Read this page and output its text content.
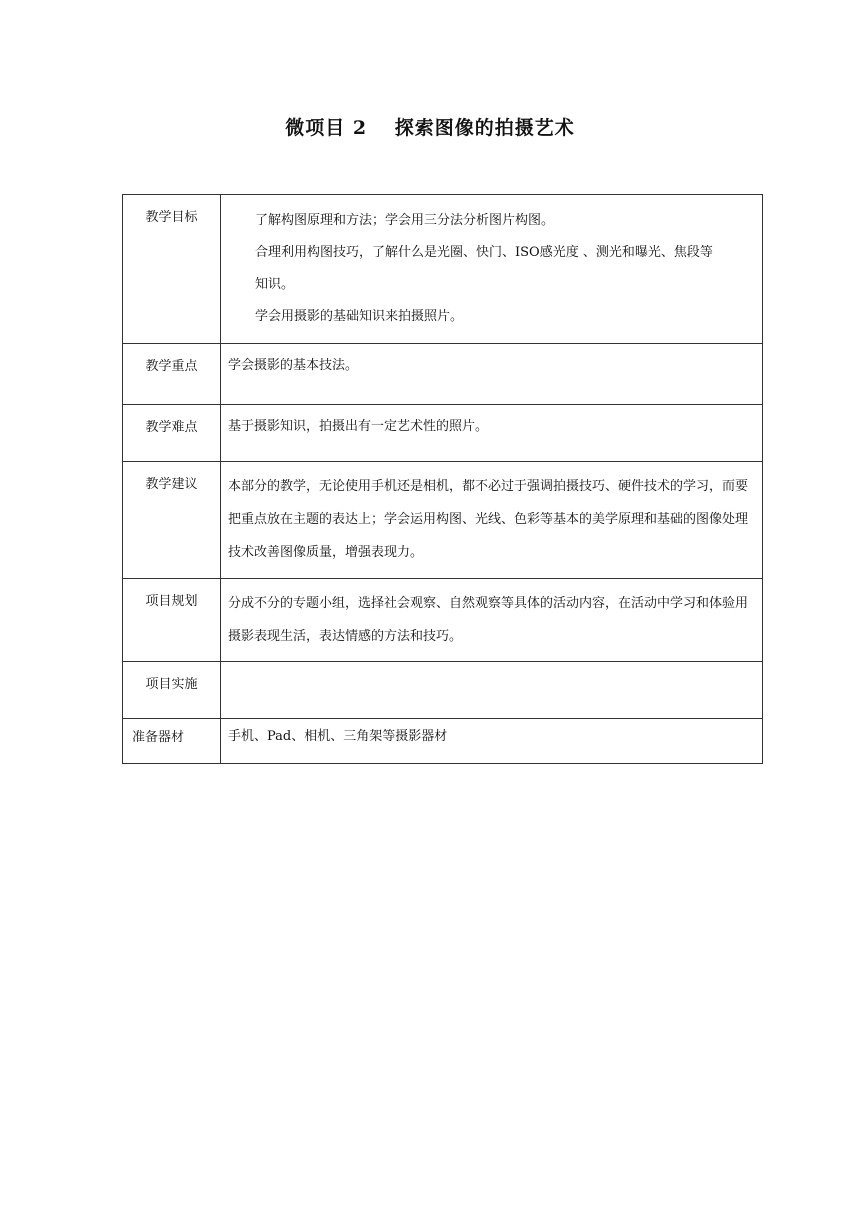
微项目 2　 探索图像的拍摄艺术
教学目标	了解构图原理和方法；学会用三分法分析图片构图。

合理利用构图技巧，了解什么是光圈、快门、ISO感光度 、测光和曝光、焦段等

知识。

学会用摄影的基础知识来拍摄照片。

教学重点	学会摄影的基本技法。

教学难点	基于摄影知识，拍摄出有一定艺术性的照片。

教学建议	本部分的教学，无论使用手机还是相机，都不必过于强调拍摄技巧、硬件技术的学习，而要把重点放在主题的表达上；学会运用构图、光线、色彩等基本的美学原理和基础的图像处理技术改善图像质量，增强表现力。

项目规划	分成不分的专题小组，选择社会观察、自然观察等具体的活动内容，在活动中学习和体验用摄影表现生活，表达情感的方法和技巧。

项目实施	
准备器材	手机、Pad、相机、三角架等摄影器材
